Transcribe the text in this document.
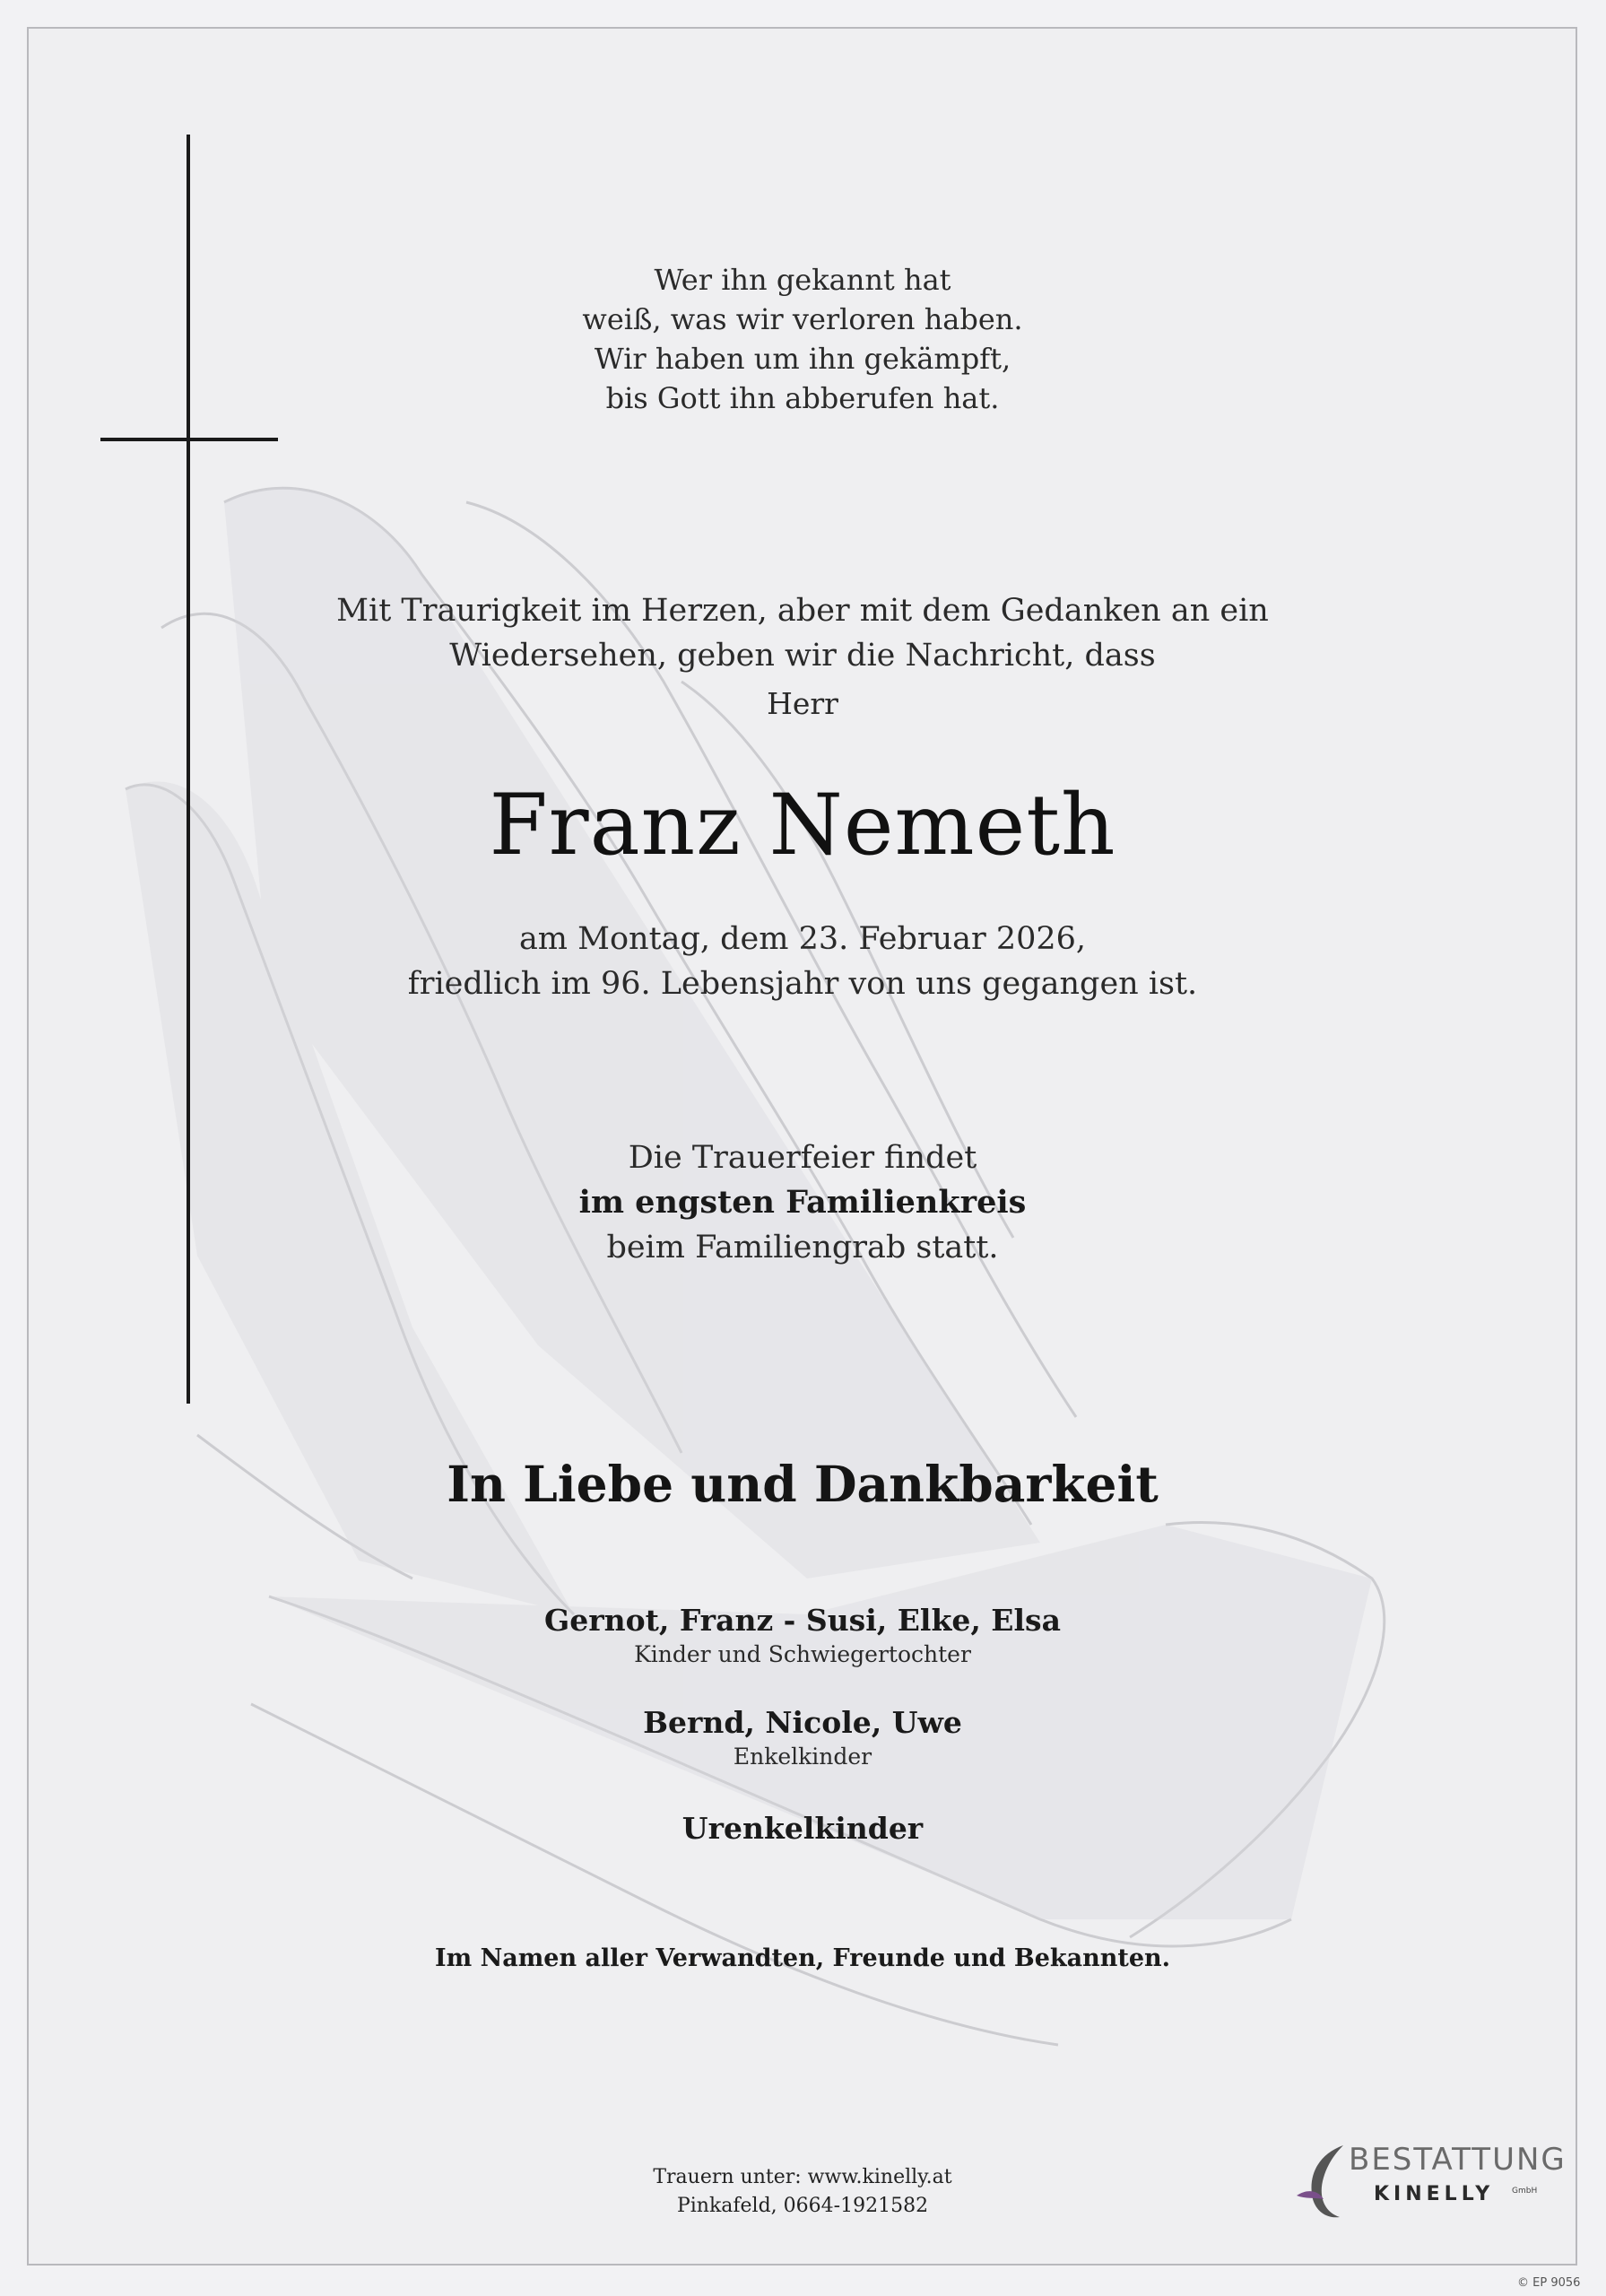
Wer ihn gekannt hat
weiß, was wir verloren haben.
Wir haben um ihn gekämpft,
bis Gott ihn abberufen hat.
Mit Traurigkeit im Herzen, aber mit dem Gedanken an ein
Wiedersehen, geben wir die Nachricht, dass
Herr
Franz Nemeth
am Montag, dem 23. Februar 2026,
friedlich im 96. Lebensjahr von uns gegangen ist.
Die Trauerfeier findet
im engsten Familienkreis
beim Familiengrab statt.
In Liebe und Dankbarkeit
Gernot, Franz - Susi, Elke, Elsa
Kinder und Schwiegertochter
Bernd, Nicole, Uwe
Enkelkinder
Urenkelkinder
Im Namen aller Verwandten, Freunde und Bekannten.
Trauern unter: www.kinelly.at
Pinkafeld, 0664-1921582
BESTATTUNG
KINELLY GmbH
© EP 9056
